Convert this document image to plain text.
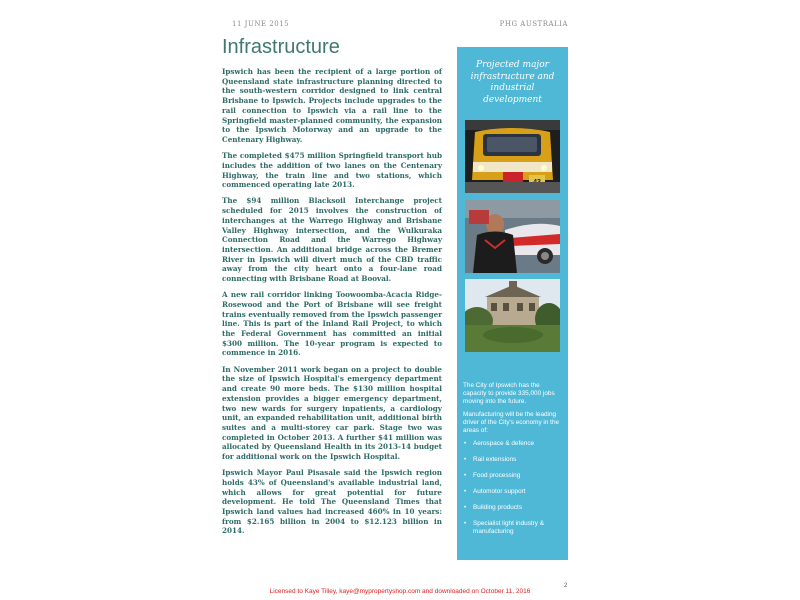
11 JUNE 2015	PHG AUSTRALIA
Infrastructure

Ipswich has been the recipient of a large portion of Queensland state infrastructure planning directed to the south-western corridor designed to link central Brisbane to Ipswich. Projects include upgrades to the rail connection to Ipswich via a rail line to the Springfield master-planned community, the expansion to the Ipswich Motorway and an upgrade to the Centenary Highway.

The completed $475 million Springfield transport hub includes the addition of two lanes on the Centenary Highway, the train line and two stations, which commenced operating late 2013.

The $94 million Blacksoil Interchange project scheduled for 2015 involves the construction of interchanges at the Warrego Highway and Brisbane Valley Highway intersection, and the Wulkuraka Connection Road and the Warrego Highway intersection. An additional bridge across the Bremer River in Ipswich will divert much of the CBD traffic away from the city heart onto a four-lane road connecting with Brisbane Road at Booval.

A new rail corridor linking Toowoomba-Acacia Ridge-Rosewood and the Port of Brisbane will see freight trains eventually removed from the Ipswich passenger line. This is part of the Inland Rail Project, to which the Federal Government has committed an initial $300 million. The 10-year program is expected to commence in 2016.

In November 2011 work began on a project to double the size of Ipswich Hospital's emergency department and create 90 more beds. The $130 million hospital extension provides a bigger emergency department, two new wards for surgery inpatients, a cardiology unit, an expanded rehabilitation unit, additional birth suites and a multi-storey car park. Stage two was completed in October 2013. A further $41 million was allocated by Queensland Health in its 2013-14 budget for additional work on the Ipswich Hospital.

Ipswich Mayor Paul Pisasale said the Ipswich region holds 43% of Queensland's available industrial land, which allows for great potential for future development. He told The Queensland Times that Ipswich land values had increased 460% in 10 years: from $2.165 billion in 2004 to $12.123 billion in 2014.

Projected major infrastructure and industrial development

The City of Ipswich has the capacity to provide 335,000 jobs moving into the future.

Manufacturing will be the leading driver of the City's economy in the areas of:

• Aerospace & defence
• Rail extensions
• Food processing
• Automotor support
• Building products
• Specialist light industry & manufacturing
2
Licensed to Kaye Tilley, kaye@mypropertyshop.com and downloaded on October 11, 2016
